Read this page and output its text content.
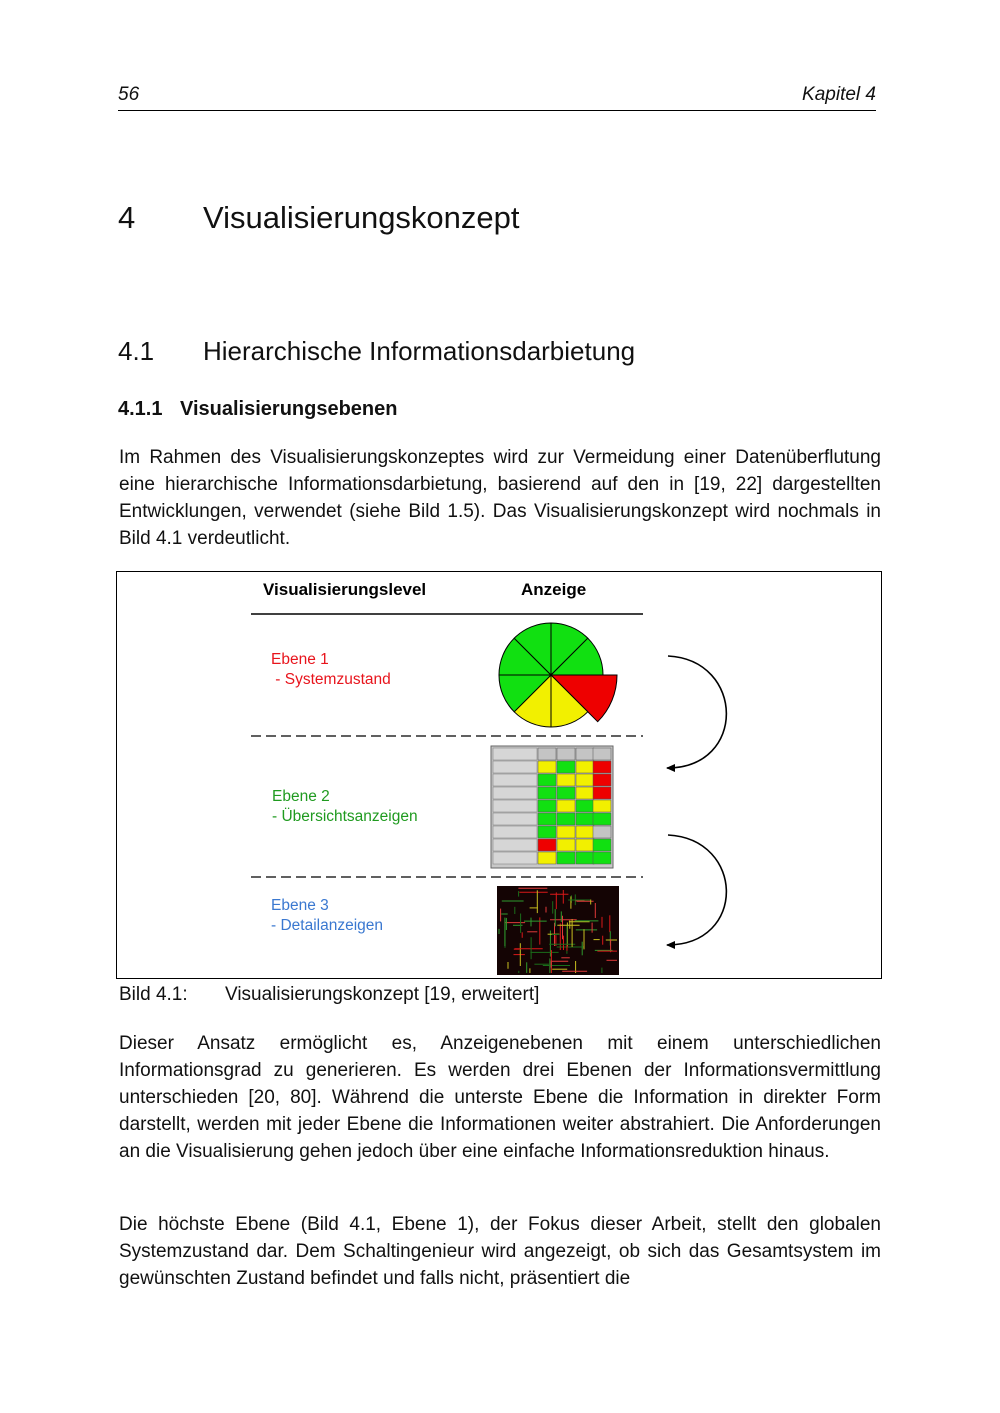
56	Kapitel 4
4 Visualisierungskonzept
4.1 Hierarchische Informationsdarbietung
4.1.1 Visualisierungsebenen
Im Rahmen des Visualisierungskonzeptes wird zur Vermeidung einer Datenüberflutung eine hierarchische Informationsdarbietung, basierend auf den in [19, 22] dargestellten Entwicklungen, verwendet (siehe Bild 1.5). Das Visualisierungskonzept wird nochmals in Bild 4.1 verdeutlicht.
Visualisierungslevel	Anzeige
Ebene 1
- Systemzustand
Ebene 2
- Übersichtsanzeigen
Ebene 3
- Detailanzeigen
Bild 4.1: Visualisierungskonzept [19, erweitert]
Dieser Ansatz ermöglicht es, Anzeigenebenen mit einem unterschiedlichen Informationsgrad zu generieren. Es werden drei Ebenen der Informationsvermittlung unterschieden [20, 80]. Während die unterste Ebene die Information in direkter Form darstellt, werden mit jeder Ebene die Informationen weiter abstrahiert. Die Anforderungen an die Visualisierung gehen jedoch über eine einfache Informationsreduktion hinaus.
Die höchste Ebene (Bild 4.1, Ebene 1), der Fokus dieser Arbeit, stellt den globalen Systemzustand dar. Dem Schaltingenieur wird angezeigt, ob sich das Gesamtsystem im gewünschten Zustand befindet und falls nicht, präsentiert die
